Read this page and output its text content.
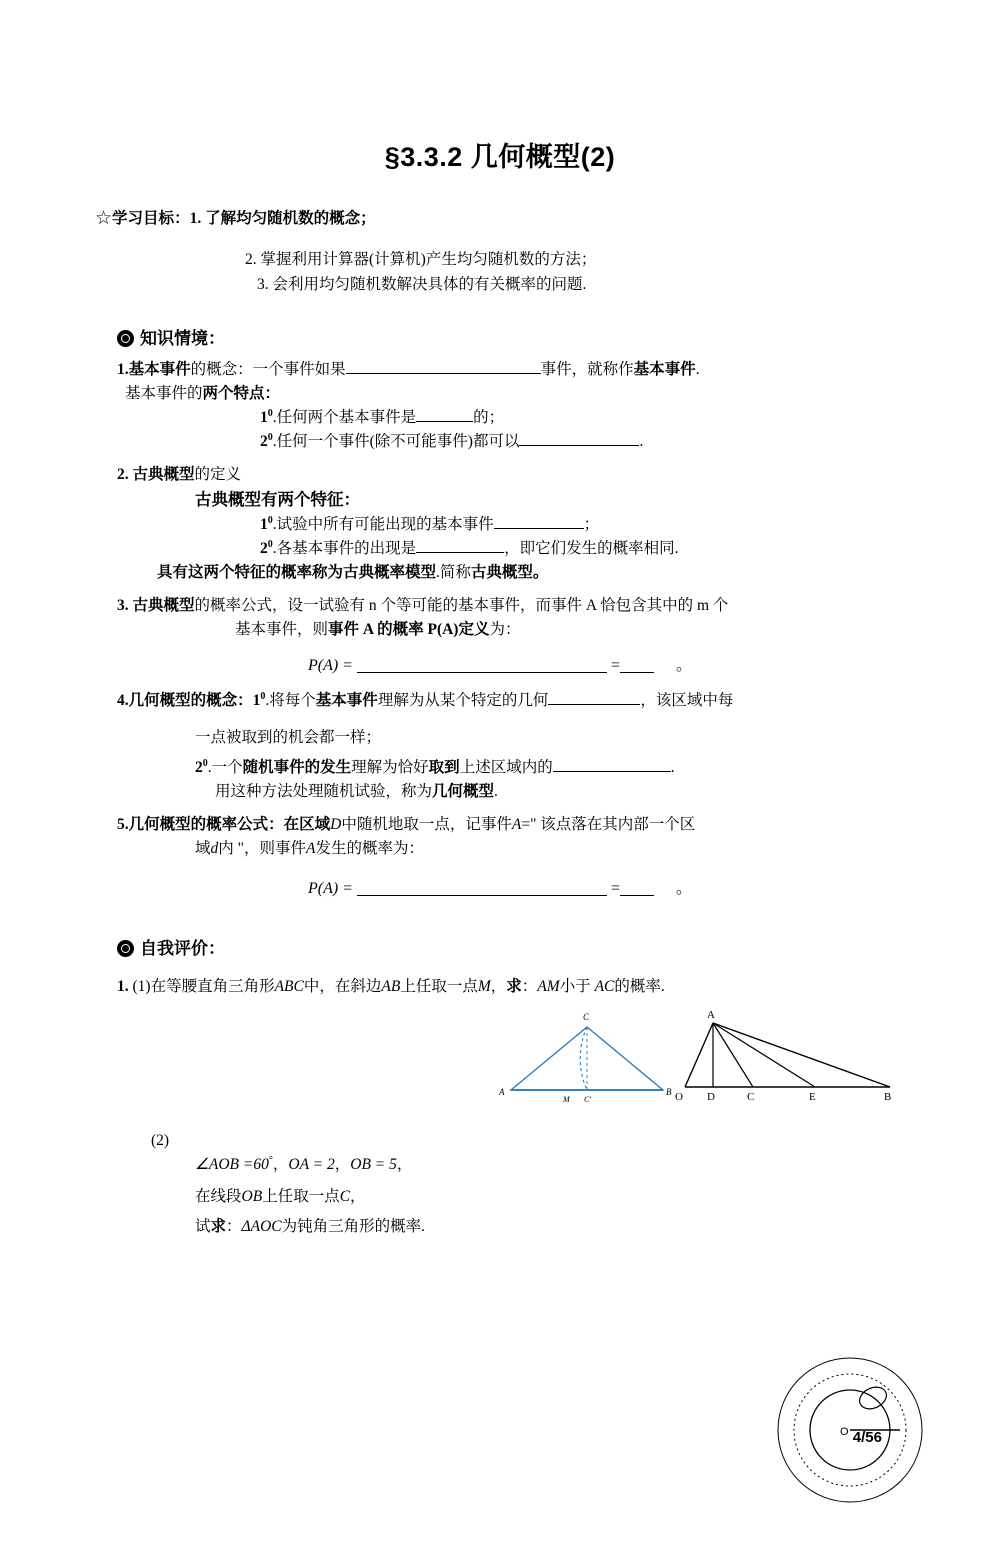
§3.3.2 几何概型(2)
☆学习目标：1. 了解均匀随机数的概念；
2. 掌握利用计算器(计算机)产生均匀随机数的方法；
3. 会利用均匀随机数解决具体的有关概率的问题.
知识情境：
1.基本事件的概念：一个事件如果	事件，就称作基本事件.
基本事件的两个特点：
$1^0$.任何两个基本事件是	的；
$2^0$.任何一个事件(除不可能事件)都可以	.
2. 古典概型的定义
古典概型有两个特征：
$1^0$.试验中所有可能出现的基本事件	；
$2^0$.各基本事件的出现是	，即它们发生的概率相同.
具有这两个特征的概率称为古典概率模型.简称古典概型。
3. 古典概型的概率公式，设一试验有 n 个等可能的基本事件，而事件 A 恰包含其中的 m 个
基本事件，则事件 A 的概率 P(A)定义为：
P(A) =	=	。
4.几何概型的概念：$1^0$.将每个基本事件理解为从某个特定的几何	，该区域中每
一点被取到的机会都一样；
$2^0$.一个随机事件的发生理解为恰好取到上述区域内的	.
用这种方法处理随机试验，称为几何概型.
5.几何概型的概率公式：在区域D中随机地取一点，记事件A=" 该点落在其内部一个区
域d内 "，则事件A发生的概率为：
P(A) =	=	。
自我评价：
1. (1)在等腰直角三角形ABC中，在斜边AB上任取一点M，求：AM小于 AC的概率.
C
A	B
M C'
A
O D	C	E	B
(2)
∠AOB =60°，OA = 2，OB = 5，
在线段OB上任取一点C，
试求：ΔAOC为钝角三角形的概率.
O 4/56
